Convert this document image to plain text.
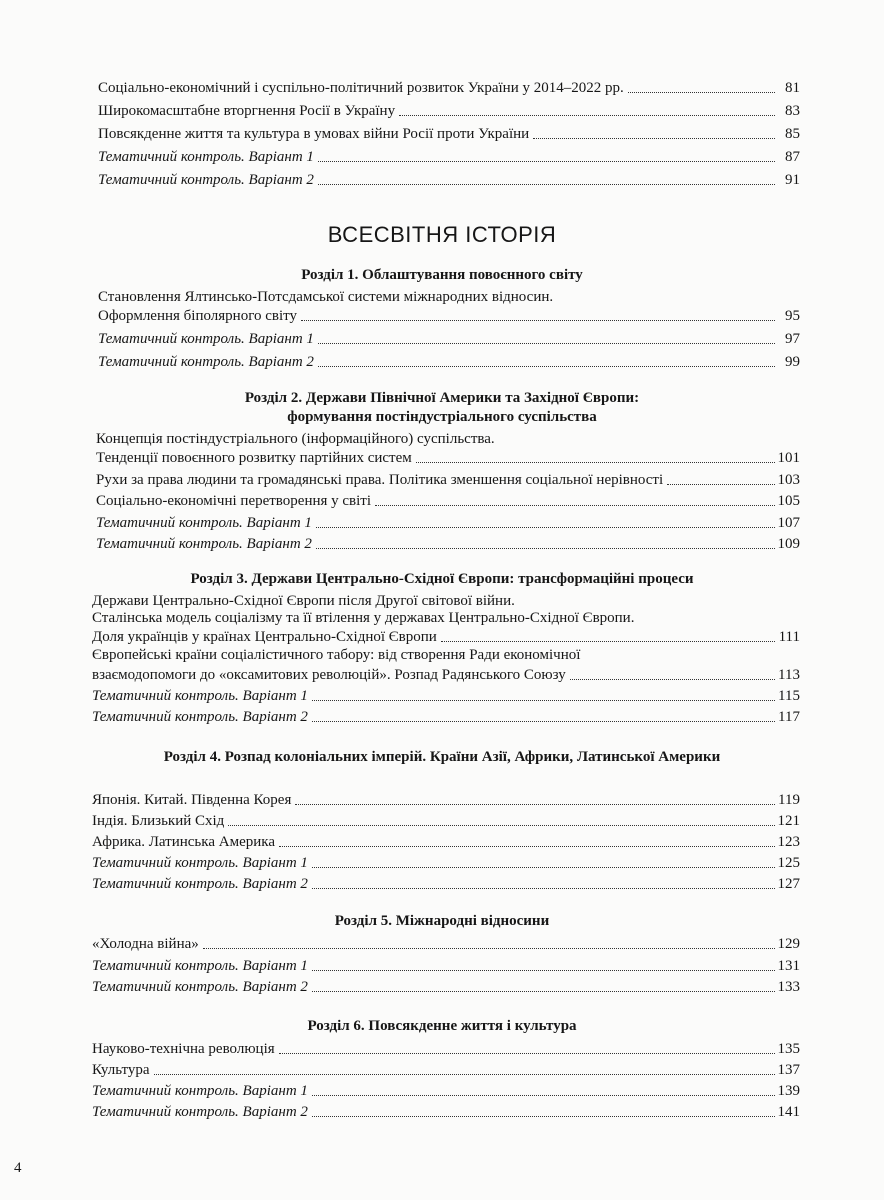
Соціально-економічний і суспільно-політичний розвиток України у 2014–2022 рр.	81
Широкомасштабне вторгнення Росії в Україну	83
Повсякденне життя та культура в умовах війни Росії проти України	85
Тематичний контроль. Варіант 1	87
Тематичний контроль. Варіант 2	91
ВСЕСВІТНЯ ІСТОРІЯ
Розділ 1. Облаштування повоєнного світу
Становлення Ялтинсько-Потсдамської системи міжнародних відносин.
Оформлення біполярного світу	95
Тематичний контроль. Варіант 1	97
Тематичний контроль. Варіант 2	99
Розділ 2. Держави Північної Америки та Західної Європи:
формування постіндустріального суспільства
Концепція постіндустріального (інформаційного) суспільства.
Тенденції повоєнного розвитку партійних систем	101
Рухи за права людини та громадянські права. Політика зменшення соціальної нерівності	103
Соціально-економічні перетворення у світі	105
Тематичний контроль. Варіант 1	107
Тематичний контроль. Варіант 2	109
Розділ 3. Держави Центрально-Східної Європи: трансформаційні процеси
Держави Центрально-Східної Європи після Другої світової війни.
Сталінська модель соціалізму та її втілення у державах Центрально-Східної Європи.
Доля українців у країнах Центрально-Східної Європи	111
Європейські країни соціалістичного табору: від створення Ради економічної
взаємодопомоги до «оксамитових революцій». Розпад Радянського Союзу	113
Тематичний контроль. Варіант 1	115
Тематичний контроль. Варіант 2	117
Розділ 4. Розпад колоніальних імперій. Країни Азії, Африки, Латинської Америки
Японія. Китай. Південна Корея	119
Індія. Близький Схід	121
Африка. Латинська Америка	123
Тематичний контроль. Варіант 1	125
Тематичний контроль. Варіант 2	127
Розділ 5. Міжнародні відносини
«Холодна війна»	129
Тематичний контроль. Варіант 1	131
Тематичний контроль. Варіант 2	133
Розділ 6. Повсякденне життя і культура
Науково-технічна революція	135
Культура	137
Тематичний контроль. Варіант 1	139
Тематичний контроль. Варіант 2	141
4
